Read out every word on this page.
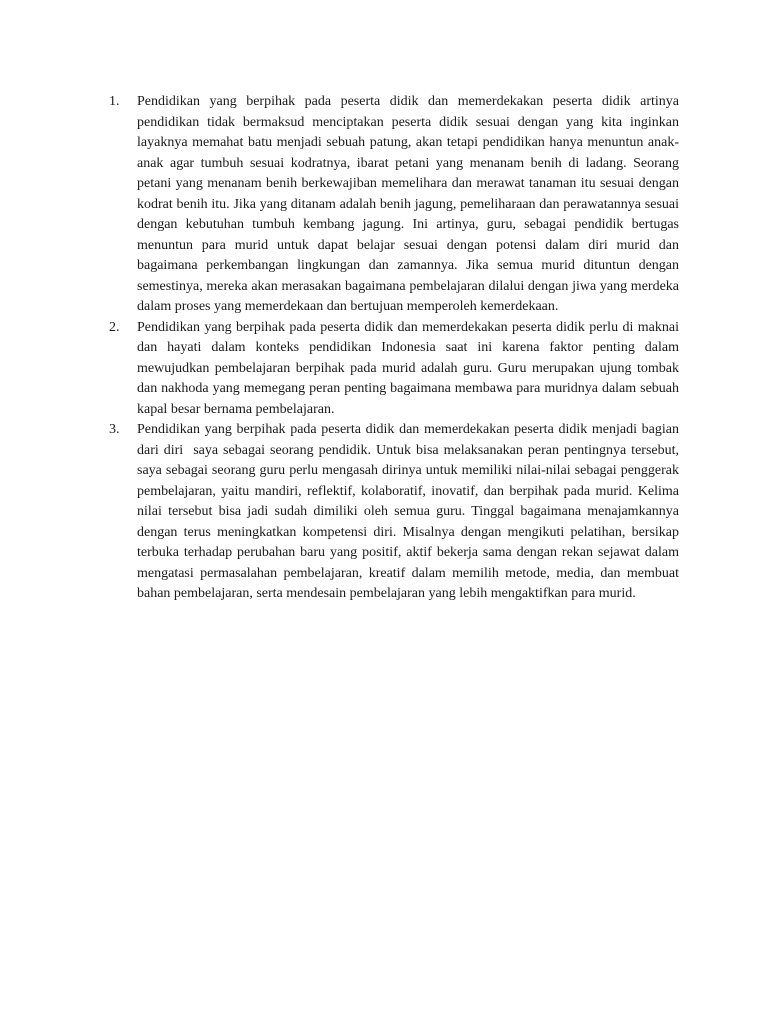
1.	Pendidikan yang berpihak pada peserta didik dan memerdekakan peserta didik artinya pendidikan tidak bermaksud menciptakan peserta didik sesuai dengan yang kita inginkan layaknya memahat batu menjadi sebuah patung, akan tetapi pendidikan hanya menuntun anak-anak agar tumbuh sesuai kodratnya, ibarat petani yang menanam benih di ladang. Seorang petani yang menanam benih berkewajiban memelihara dan merawat tanaman itu sesuai dengan kodrat benih itu. Jika yang ditanam adalah benih jagung, pemeliharaan dan perawatannya sesuai dengan kebutuhan tumbuh kembang jagung. Ini artinya, guru, sebagai pendidik bertugas menuntun para murid untuk dapat belajar sesuai dengan potensi dalam diri murid dan bagaimana perkembangan lingkungan dan zamannya. Jika semua murid dituntun dengan semestinya, mereka akan merasakan bagaimana pembelajaran dilalui dengan jiwa yang merdeka dalam proses yang memerdekaan dan bertujuan memperoleh kemerdekaan.
2.	Pendidikan yang berpihak pada peserta didik dan memerdekakan peserta didik perlu di maknai dan hayati dalam konteks pendidikan Indonesia saat ini karena faktor penting dalam mewujudkan pembelajaran berpihak pada murid adalah guru. Guru merupakan ujung tombak dan nakhoda yang memegang peran penting bagaimana membawa para muridnya dalam sebuah kapal besar bernama pembelajaran.
3.	Pendidikan yang berpihak pada peserta didik dan memerdekakan peserta didik menjadi bagian dari diri  saya sebagai seorang pendidik. Untuk bisa melaksanakan peran pentingnya tersebut, saya sebagai seorang guru perlu mengasah dirinya untuk memiliki nilai-nilai sebagai penggerak pembelajaran, yaitu mandiri, reflektif, kolaboratif, inovatif, dan berpihak pada murid. Kelima nilai tersebut bisa jadi sudah dimiliki oleh semua guru. Tinggal bagaimana menajamkannya dengan terus meningkatkan kompetensi diri. Misalnya dengan mengikuti pelatihan, bersikap terbuka terhadap perubahan baru yang positif, aktif bekerja sama dengan rekan sejawat dalam mengatasi permasalahan pembelajaran, kreatif dalam memilih metode, media, dan membuat bahan pembelajaran, serta mendesain pembelajaran yang lebih mengaktifkan para murid.
